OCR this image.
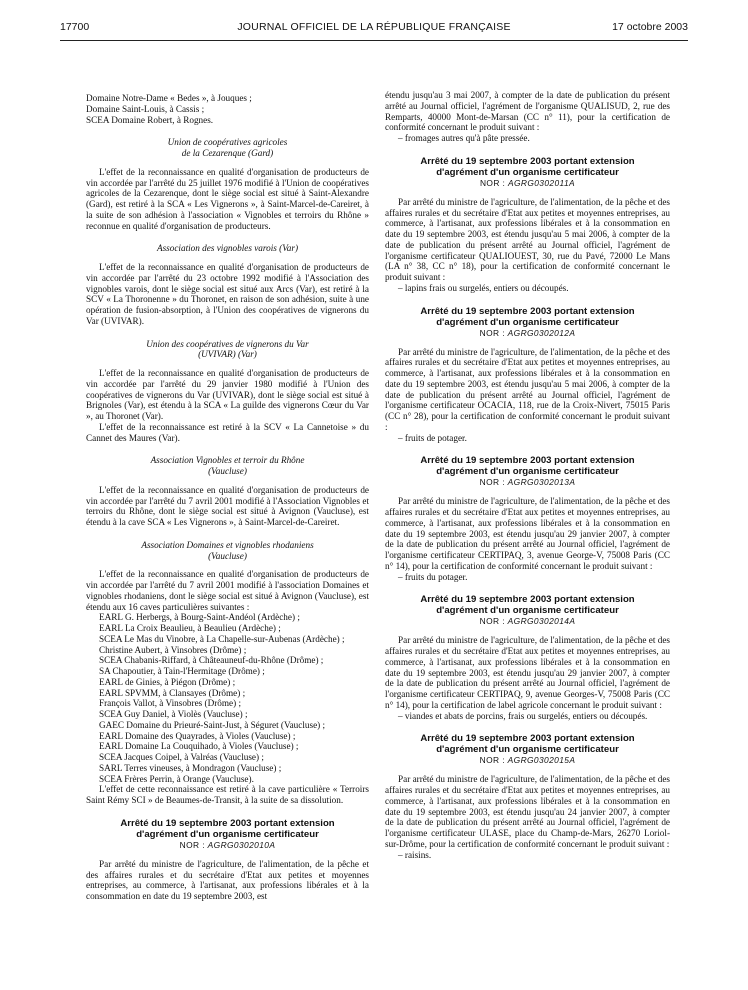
17700	JOURNAL OFFICIEL DE LA RÉPUBLIQUE FRANÇAISE	17 octobre 2003

Domaine Notre-Dame « Bedes », à Jouques ;

Domaine Saint-Louis, à Cassis ;

SCEA Domaine Robert, à Rognes.

Union de coopératives agricoles

de la Cezarenque (Gard)

L'effet de la reconnaissance en qualité d'organisation de producteurs de vin accordée par l'arrêté du 25 juillet 1976 modifié à l'Union de coopératives agricoles de la Cezarenque, dont le siège social est situé à Saint-Alexandre (Gard), est retiré à la SCA « Les Vignerons », à Saint-Marcel-de-Careiret, à la suite de son adhésion à l'association « Vignobles et terroirs du Rhône » reconnue en qualité d'organisation de producteurs.

Association des vignobles varois (Var)

L'effet de la reconnaissance en qualité d'organisation de producteurs de vin accordée par l'arrêté du 23 octobre 1992 modifié à l'Association des vignobles varois, dont le siège social est situé aux Arcs (Var), est retiré à la SCV « La Thoronenne » du Thoronet, en raison de son adhésion, suite à une opération de fusion-absorption, à l'Union des coopératives de vignerons du Var (UVIVAR).

Union des coopératives de vignerons du Var

(UVIVAR) (Var)

L'effet de la reconnaissance en qualité d'organisation de producteurs de vin accordée par l'arrêté du 29 janvier 1980 modifié à l'Union des coopératives de vignerons du Var (UVIVAR), dont le siège social est situé à Brignoles (Var), est étendu à la SCA « La guilde des vignerons Cœur du Var », au Thoronet (Var).

L'effet de la reconnaissance est retiré à la SCV « La Cannetoise » du Cannet des Maures (Var).

Association Vignobles et terroir du Rhône

(Vaucluse)

L'effet de la reconnaissance en qualité d'organisation de producteurs de vin accordée par l'arrêté du 7 avril 2001 modifié à l'Association Vignobles et terroirs du Rhône, dont le siège social est situé à Avignon (Vaucluse), est étendu à la cave SCA « Les Vignerons », à Saint-Marcel-de-Careiret.

Association Domaines et vignobles rhodaniens

(Vaucluse)

L'effet de la reconnaissance en qualité d'organisation de producteurs de vin accordée par l'arrêté du 7 avril 2001 modifié à l'association Domaines et vignobles rhodaniens, dont le siège social est situé à Avignon (Vaucluse), est étendu aux 16 caves particulières suivantes :

EARL G. Herbergs, à Bourg-Saint-Andéol (Ardèche) ;

EARL La Croix Beaulieu, à Beaulieu (Ardèche) ;

SCEA Le Mas du Vinobre, à La Chapelle-sur-Aubenas (Ardèche) ;

Christine Aubert, à Vinsobres (Drôme) ;

SCEA Chabanis-Riffard, à Châteauneuf-du-Rhône (Drôme) ;

SA Chapoutier, à Tain-l'Hermitage (Drôme) ;

EARL de Ginies, à Piégon (Drôme) ;

EARL SPVMM, à Clansayes (Drôme) ;

François Vallot, à Vinsobres (Drôme) ;

SCEA Guy Daniel, à Violès (Vaucluse) ;

GAEC Domaine du Prieuré-Saint-Just, à Séguret (Vaucluse) ;

EARL Domaine des Quayrades, à Violes (Vaucluse) ;

EARL Domaine La Couquihado, à Violes (Vaucluse) ;

SCEA Jacques Coipel, à Valréas (Vaucluse) ;

SARL Terres vineuses, à Mondragon (Vaucluse) ;

SCEA Frères Perrin, à Orange (Vaucluse).

L'effet de cette reconnaissance est retiré à la cave particulière « Terroirs Saint Rémy SCI » de Beaumes-de-Transit, à la suite de sa dissolution.

Arrêté du 19 septembre 2003 portant extension

d'agrément d'un organisme certificateur

NOR : AGRG0302010A

Par arrêté du ministre de l'agriculture, de l'alimentation, de la pêche et des affaires rurales et du secrétaire d'Etat aux petites et moyennes entreprises, au commerce, à l'artisanat, aux professions libérales et à la consommation en date du 19 septembre 2003, est

étendu jusqu'au 3 mai 2007, à compter de la date de publication du présent arrêté au Journal officiel, l'agrément de l'organisme QUALISUD, 2, rue des Remparts, 40000 Mont-de-Marsan (CC n° 11), pour la certification de conformité concernant le produit suivant :

– fromages autres qu'à pâte pressée.

Arrêté du 19 septembre 2003 portant extension

d'agrément d'un organisme certificateur

NOR : AGRG0302011A

Par arrêté du ministre de l'agriculture, de l'alimentation, de la pêche et des affaires rurales et du secrétaire d'Etat aux petites et moyennes entreprises, au commerce, à l'artisanat, aux professions libérales et à la consommation en date du 19 septembre 2003, est étendu jusqu'au 5 mai 2006, à compter de la date de publication du présent arrêté au Journal officiel, l'agrément de l'organisme certificateur QUALIOUEST, 30, rue du Pavé, 72000 Le Mans (LA n° 38, CC n° 18), pour la certification de conformité concernant le produit suivant :

– lapins frais ou surgelés, entiers ou découpés.

Arrêté du 19 septembre 2003 portant extension

d'agrément d'un organisme certificateur

NOR : AGRG0302012A

Par arrêté du ministre de l'agriculture, de l'alimentation, de la pêche et des affaires rurales et du secrétaire d'Etat aux petites et moyennes entreprises, au commerce, à l'artisanat, aux professions libérales et à la consommation en date du 19 septembre 2003, est étendu jusqu'au 5 mai 2006, à compter de la date de publication du présent arrêté au Journal officiel, l'agrément de l'organisme certificateur OCACIA, 118, rue de la Croix-Nivert, 75015 Paris (CC n° 28), pour la certification de conformité concernant le produit suivant :

– fruits de potager.

Arrêté du 19 septembre 2003 portant extension

d'agrément d'un organisme certificateur

NOR : AGRG0302013A

Par arrêté du ministre de l'agriculture, de l'alimentation, de la pêche et des affaires rurales et du secrétaire d'Etat aux petites et moyennes entreprises, au commerce, à l'artisanat, aux professions libérales et à la consommation en date du 19 septembre 2003, est étendu jusqu'au 29 janvier 2007, à compter de la date de publication du présent arrêté au Journal officiel, l'agrément de l'organisme certificateur CERTIPAQ, 3, avenue George-V, 75008 Paris (CC n° 14), pour la certification de conformité concernant le produit suivant :

– fruits du potager.

Arrêté du 19 septembre 2003 portant extension

d'agrément d'un organisme certificateur

NOR : AGRG0302014A

Par arrêté du ministre de l'agriculture, de l'alimentation, de la pêche et des affaires rurales et du secrétaire d'Etat aux petites et moyennes entreprises, au commerce, à l'artisanat, aux professions libérales et à la consommation en date du 19 septembre 2003, est étendu jusqu'au 29 janvier 2007, à compter de la date de publication du présent arrêté au Journal officiel, l'agrément de l'organisme certificateur CERTIPAQ, 9, avenue Georges-V, 75008 Paris (CC n° 14), pour la certification de label agricole concernant le produit suivant :

– viandes et abats de porcins, frais ou surgelés, entiers ou découpés.

Arrêté du 19 septembre 2003 portant extension

d'agrément d'un organisme certificateur

NOR : AGRG0302015A

Par arrêté du ministre de l'agriculture, de l'alimentation, de la pêche et des affaires rurales et du secrétaire d'Etat aux petites et moyennes entreprises, au commerce, à l'artisanat, aux professions libérales et à la consommation en date du 19 septembre 2003, est étendu jusqu'au 24 janvier 2007, à compter de la date de publication du présent arrêté au Journal officiel, l'agrément de l'organisme certificateur ULASE, place du Champ-de-Mars, 26270 Loriol-sur-Drôme, pour la certification de conformité concernant le produit suivant :

– raisins.
